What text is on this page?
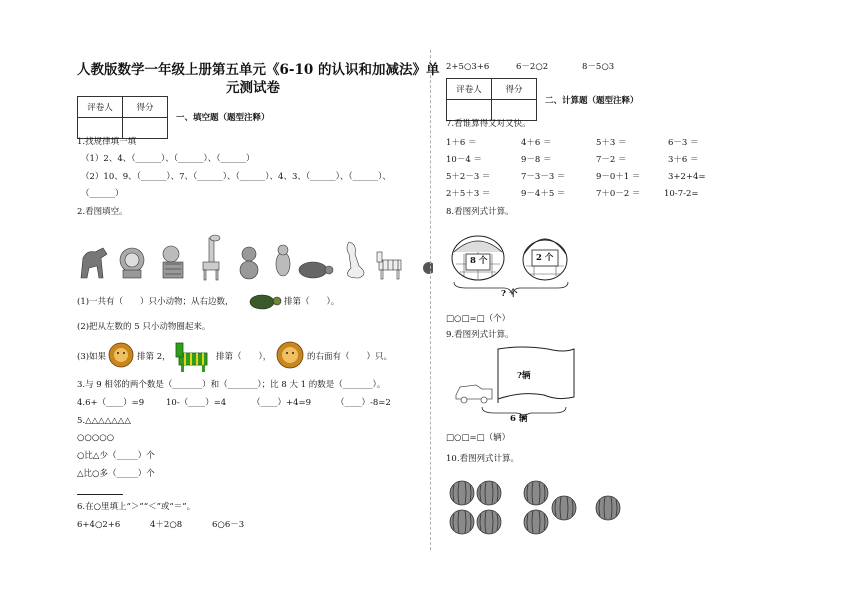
人教版数学一年级上册第五单元《6-10 的认识和加减法》单
元测试卷
评卷人	得分

一、填空题（题型注释）
1.找规律填一填
（1）2、4、（______）、（______）、（______）
（2）10、9、（______）、7、（______）、（______）、4、3、（______）、（______）、
（______）
2.看图填空。
(1)一共有（　　）只小动物；从右边数，	排第（　　）。
(2)把从左数的 5 只小动物圈起来。
(3)如果	排第 2，	排第（　　），	的右面有（　　）只。
3.与 9 相邻的两个数是（_______）和（_______）；比 8 大 1 的数是（_______）。
4.6+（____）=9	10-（____）=4	（____）+4=9	（____）-8=2
5.△△△△△△△
○○○○○
○比△少（_____）个
△比○多（_____）个
6.在○里填上“＞”“＜”或“＝”。
6+4○2+6	4＋2○8	6○6－3
2+5○3+6	6－2○2	8－5○3
评卷人	得分

二、计算题（题型注释）
7.看谁算得又对又快。
1＋6 ＝	4＋6 ＝	5＋3 ＝	6－3 ＝
10－4 ＝	9－8 ＝	7－2 ＝	3＋6 ＝
5＋2－3 ＝	7－3－3 ＝	9－0＋1 ＝	3+2+4=
2＋5＋3 ＝	9－4＋5 ＝	7＋0－2 ＝	10-7-2=
8.看图列式计算。
8 个	2 个
? 个
□○□=□（个）
9.看图列式计算。
?辆
6 辆
□○□=□（辆）
10.看图列式计算。
